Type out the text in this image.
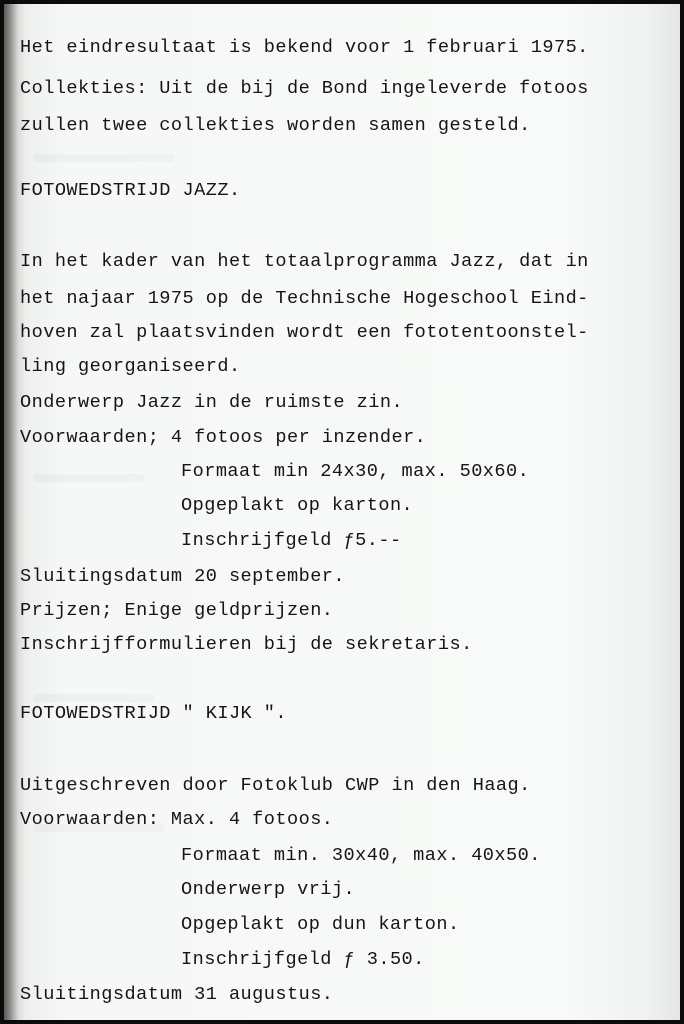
Het eindresultaat is bekend voor 1 februari 1975.
Collekties: Uit de bij de Bond ingeleverde fotoos
zullen twee collekties worden samen gesteld.
FOTOWEDSTRIJD JAZZ.
In het kader van het totaalprogramma Jazz, dat in
het najaar 1975 op de Technische Hogeschool Eind-
hoven zal plaatsvinden wordt een fototentoonstel-
ling georganiseerd.
Onderwerp Jazz in de ruimste zin.
Voorwaarden; 4 fotoos per inzender.
Formaat min 24x30, max. 50x60.
Opgeplakt op karton.
Inschrijfgeld ƒ5.--
Sluitingsdatum 20 september.
Prijzen; Enige geldprijzen.
Inschrijfformulieren bij de sekretaris.
FOTOWEDSTRIJD " KIJK ".
Uitgeschreven door Fotoklub CWP in den Haag.
Voorwaarden: Max. 4 fotoos.
Formaat min. 30x40, max. 40x50.
Onderwerp vrij.
Opgeplakt op dun karton.
Inschrijfgeld ƒ 3.50.
Sluitingsdatum 31 augustus.
